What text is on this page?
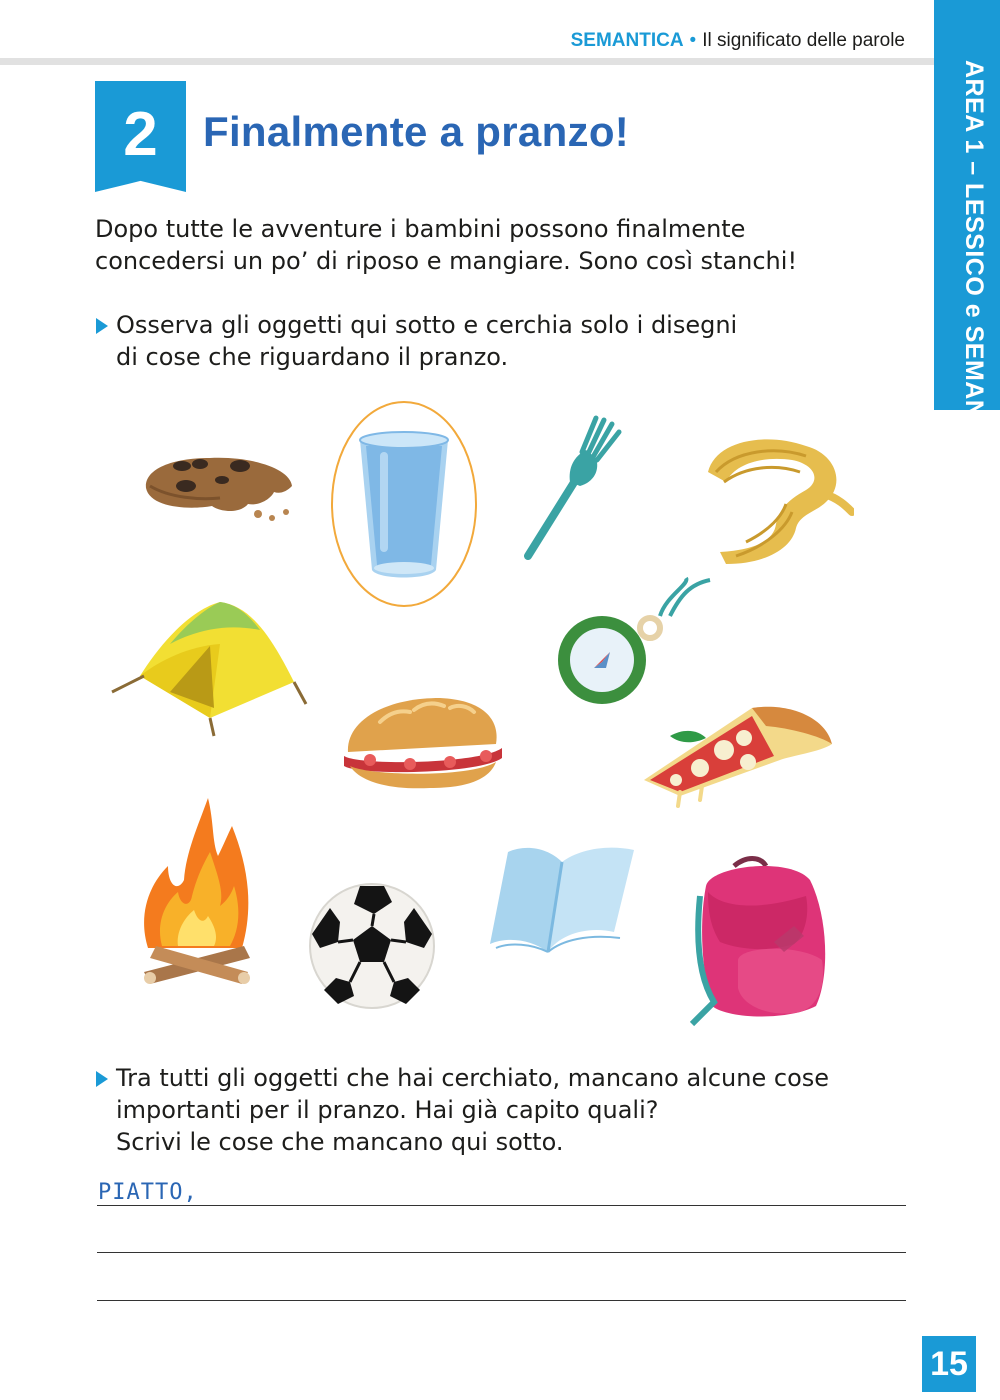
SEMANTICA • Il significato delle parole
AREA 1 – LESSICO e SEMANTICA
2	Finalmente a pranzo!
Dopo tutte le avventure i bambini possono finalmente
concedersi un po’ di riposo e mangiare. Sono così stanchi!
Osserva gli oggetti qui sotto e cerchia solo i disegni
di cose che riguardano il pranzo.
Tra tutti gli oggetti che hai cerchiato, mancano alcune cose
importanti per il pranzo. Hai già capito quali?
Scrivi le cose che mancano qui sotto.
PIATTO,
15
